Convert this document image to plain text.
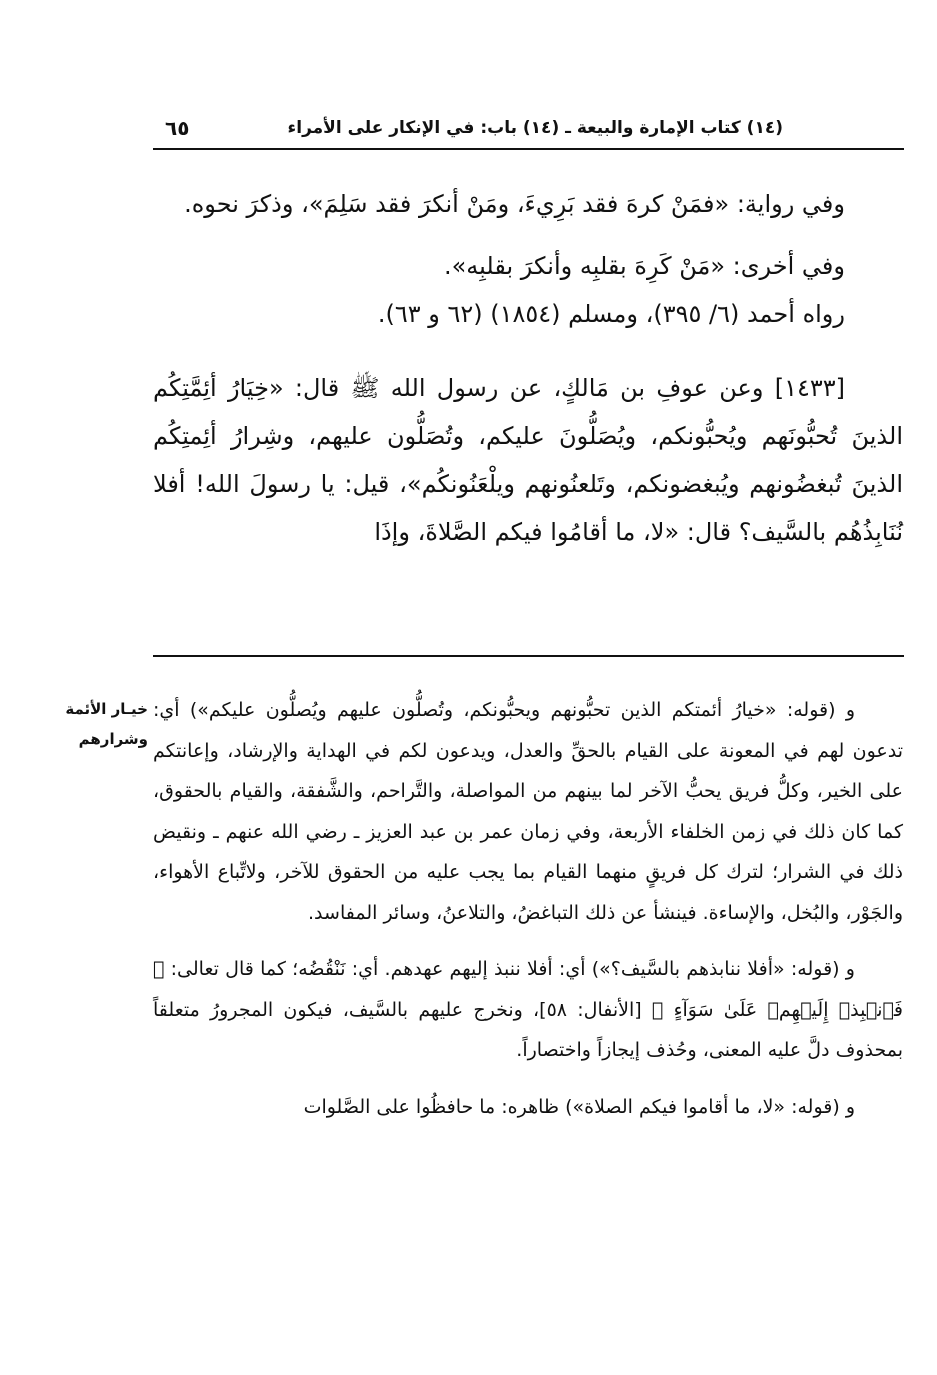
(١٤) كتاب الإمارة والبيعة ـ (١٤) باب: في الإنكار على الأمراء
٦٥

وفي رواية: «فمَنْ كرهَ فقد بَرِيءَ، ومَنْ أنكرَ فقد سَلِمَ»، وذكرَ نحوه.

وفي أخرى: «مَنْ كَرِهَ بقلبِه وأنكرَ بقلبِه».

رواه أحمد (٦/ ٣٩٥)، ومسلم (١٨٥٤) (٦٢ و ٦٣).

[١٤٣٣] وعن عوفِ بن مَالكٍ، عن رسول الله ﷺ قال: «خِيَارُ أئِمَّتِكُم الذينَ تُحبُّونَهم ويُحبُّونكم، ويُصَلُّونَ عليكم، وتُصَلُّون عليهم، وشِرارُ أئِمتِكُم الذينَ تُبغضُونهم ويُبغضونكم، وتَلعنُونهم ويلْعَنُونكُم»، قيل: يا رسولَ الله! أفلا نُنَابِذُهُم بالسَّيف؟ قال: «لا، ما أقامُوا فيكم الصَّلاةَ، وإذَا

خيـار الأئمة وشرارهم

و (قوله: «خيارُ أئمتكم الذين تحبُّونهم ويحبُّونكم، وتُصلُّون عليهم ويُصلُّون عليكم») أي: تدعون لهم في المعونة على القيام بالحقِّ والعدل، ويدعون لكم في الهداية والإرشاد، وإعانتكم على الخير، وكلُّ فريق يحبُّ الآخر لما بينهم من المواصلة، والتَّراحم، والشَّفقة، والقيام بالحقوق، كما كان ذلك في زمن الخلفاء الأربعة، وفي زمان عمر بن عبد العزيز ـ رضي الله عنهم ـ ونقيض ذلك في الشرار؛ لترك كل فريقٍ منهما القيام بما يجب عليه من الحقوق للآخر، ولاتِّباع الأهواء، والجَوْر، والبُخل، والإساءة. فينشأ عن ذلك التباغضُ، والتلاعنُ، وسائر المفاسد.

و (قوله: «أفلا ننابذهم بالسَّيف؟») أي: أفلا ننبذ إليهم عهدهم. أي: نَنْقُضُه؛ كما قال تعالى: ﴿ فَٱنۢبِذۡ إِلَيۡهِمۡ عَلَىٰ سَوَآءٍ ﴾ [الأنفال: ٥٨]، ونخرج عليهم بالسَّيف، فيكون المجرورُ متعلقاً بمحذوف دلَّ عليه المعنى، وحُذف إيجازاً واختصاراً.

و (قوله: «لا، ما أقاموا فيكم الصلاة») ظاهره: ما حافظُوا على الصَّلوات
